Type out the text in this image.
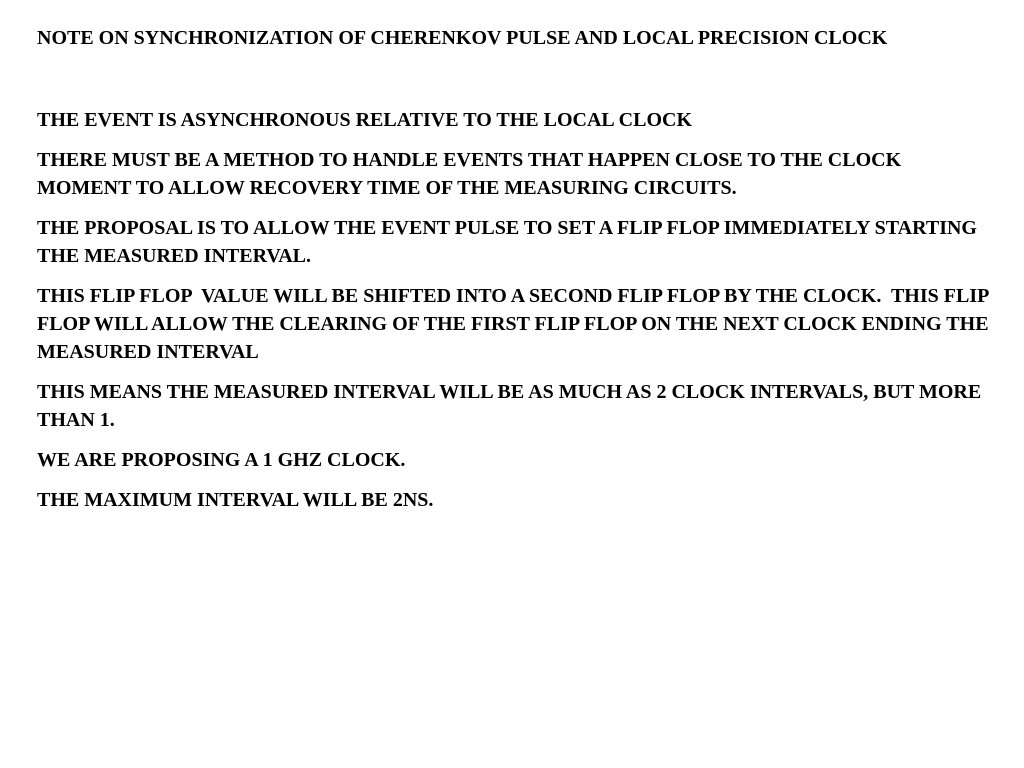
NOTE ON SYNCHRONIZATION OF CHERENKOV PULSE AND LOCAL PRECISION CLOCK
THE EVENT IS ASYNCHRONOUS RELATIVE TO THE LOCAL CLOCK
THERE MUST BE A METHOD TO HANDLE EVENTS THAT HAPPEN CLOSE TO THE CLOCK MOMENT TO ALLOW RECOVERY TIME OF THE MEASURING CIRCUITS.
THE PROPOSAL IS TO ALLOW THE EVENT PULSE TO SET A FLIP FLOP IMMEDIATELY STARTING THE MEASURED INTERVAL.
THIS FLIP FLOP  VALUE WILL BE SHIFTED INTO A SECOND FLIP FLOP BY THE CLOCK.  THIS FLIP FLOP WILL ALLOW THE CLEARING OF THE FIRST FLIP FLOP ON THE NEXT CLOCK ENDING THE MEASURED INTERVAL
THIS MEANS THE MEASURED INTERVAL WILL BE AS MUCH AS 2 CLOCK INTERVALS, BUT MORE THAN 1.
WE ARE PROPOSING A 1 GHZ CLOCK.
THE MAXIMUM INTERVAL WILL BE 2NS.
